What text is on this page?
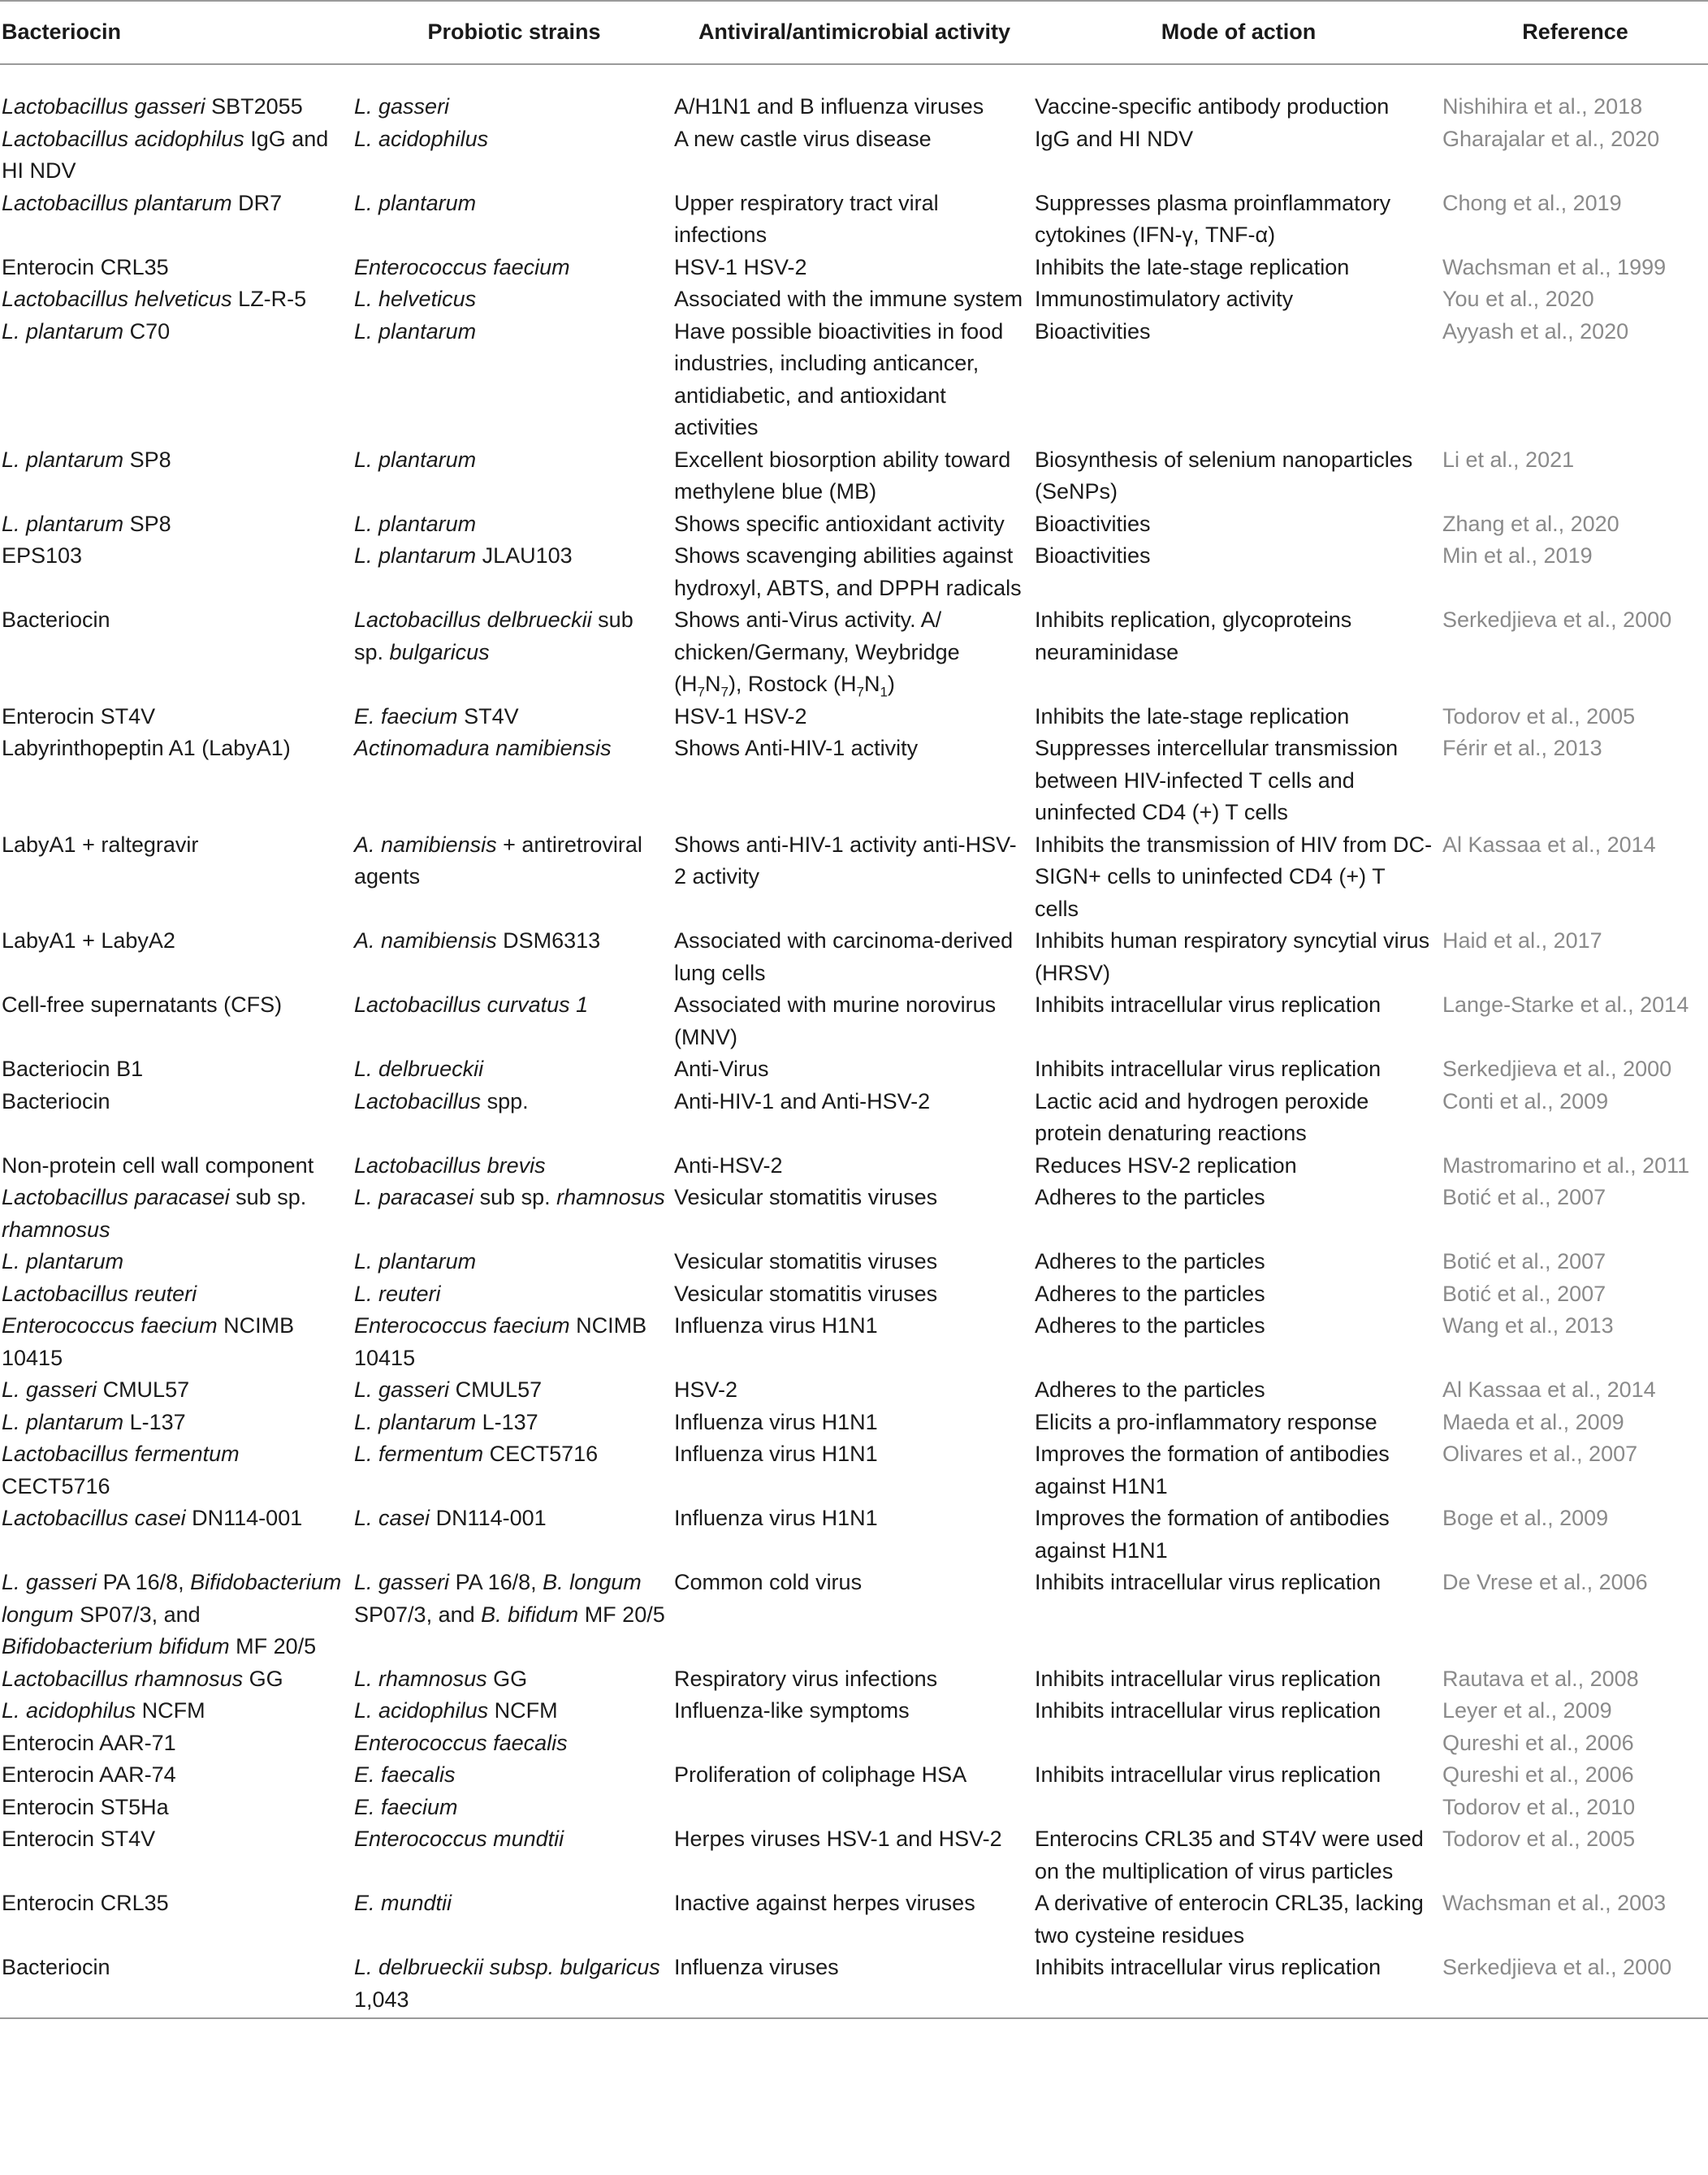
Bacteriocin	Probiotic strains	Antiviral/antimicrobial activity	Mode of action	Reference
Lactobacillus gasseri SBT2055	L. gasseri	A/H1N1 and B influenza viruses	Vaccine-specific antibody production	Nishihira et al., 2018
Lactobacillus acidophilus IgG and HI NDV	L. acidophilus	A new castle virus disease	IgG and HI NDV	Gharajalar et al., 2020
Lactobacillus plantarum DR7	L. plantarum	Upper respiratory tract viral infections	Suppresses plasma proinflammatory cytokines (IFN-γ, TNF-α)	Chong et al., 2019
Enterocin CRL35	Enterococcus faecium	HSV-1 HSV-2	Inhibits the late-stage replication	Wachsman et al., 1999
Lactobacillus helveticus LZ-R-5	L. helveticus	Associated with the immune system	Immunostimulatory activity	You et al., 2020
L. plantarum C70	L. plantarum	Have possible bioactivities in food industries, including anticancer, antidiabetic, and antioxidant activities	Bioactivities	Ayyash et al., 2020
L. plantarum SP8	L. plantarum	Excellent biosorption ability toward methylene blue (MB)	Biosynthesis of selenium nanoparticles (SeNPs)	Li et al., 2021
L. plantarum SP8	L. plantarum	Shows specific antioxidant activity	Bioactivities	Zhang et al., 2020
EPS103	L. plantarum JLAU103	Shows scavenging abilities against hydroxyl, ABTS, and DPPH radicals	Bioactivities	Min et al., 2019
Bacteriocin	Lactobacillus delbrueckii sub sp. bulgaricus	Shows anti-Virus activity. A/ chicken/Germany, Weybridge $(H_7N_7)$, Rostock $(H_7N_1)$	Inhibits replication, glycoproteins neuraminidase	Serkedjieva et al., 2000
Enterocin ST4V	E. faecium ST4V	HSV-1 HSV-2	Inhibits the late-stage replication	Todorov et al., 2005
Labyrinthopeptin A1 (LabyA1)	Actinomadura namibiensis	Shows Anti-HIV-1 activity	Suppresses intercellular transmission between HIV-infected T cells and uninfected CD4 (+) T cells	Férir et al., 2013
LabyA1 + raltegravir	A. namibiensis + antiretroviral agents	Shows anti-HIV-1 activity anti-HSV-2 activity	Inhibits the transmission of HIV from DC-SIGN+ cells to uninfected CD4 (+) T cells	Al Kassaa et al., 2014
LabyA1 + LabyA2	A. namibiensis DSM6313	Associated with carcinoma-derived lung cells	Inhibits human respiratory syncytial virus (HRSV)	Haid et al., 2017
Cell-free supernatants (CFS)	Lactobacillus curvatus 1	Associated with murine norovirus (MNV)	Inhibits intracellular virus replication	Lange-Starke et al., 2014
Bacteriocin B1	L. delbrueckii	Anti-Virus	Inhibits intracellular virus replication	Serkedjieva et al., 2000
Bacteriocin	Lactobacillus spp.	Anti-HIV-1 and Anti-HSV-2	Lactic acid and hydrogen peroxide protein denaturing reactions	Conti et al., 2009
Non-protein cell wall component	Lactobacillus brevis	Anti-HSV-2	Reduces HSV-2 replication	Mastromarino et al., 2011
Lactobacillus paracasei sub sp. rhamnosus	L. paracasei sub sp. rhamnosus	Vesicular stomatitis viruses	Adheres to the particles	Botić et al., 2007
L. plantarum	L. plantarum	Vesicular stomatitis viruses	Adheres to the particles	Botić et al., 2007
Lactobacillus reuteri	L. reuteri	Vesicular stomatitis viruses	Adheres to the particles	Botić et al., 2007
Enterococcus faecium NCIMB 10415	Enterococcus faecium NCIMB 10415	Influenza virus H1N1	Adheres to the particles	Wang et al., 2013
L. gasseri CMUL57	L. gasseri CMUL57	HSV-2	Adheres to the particles	Al Kassaa et al., 2014
L. plantarum L-137	L. plantarum L-137	Influenza virus H1N1	Elicits a pro-inflammatory response	Maeda et al., 2009
Lactobacillus fermentum CECT5716	L. fermentum CECT5716	Influenza virus H1N1	Improves the formation of antibodies against H1N1	Olivares et al., 2007
Lactobacillus casei DN114-001	L. casei DN114-001	Influenza virus H1N1	Improves the formation of antibodies against H1N1	Boge et al., 2009
L. gasseri PA 16/8, Bifidobacterium longum SP07/3, and Bifidobacterium bifidum MF 20/5	L. gasseri PA 16/8, B. longum SP07/3, and B. bifidum MF 20/5	Common cold virus	Inhibits intracellular virus replication	De Vrese et al., 2006
Lactobacillus rhamnosus GG	L. rhamnosus GG	Respiratory virus infections	Inhibits intracellular virus replication	Rautava et al., 2008
L. acidophilus NCFM	L. acidophilus NCFM	Influenza-like symptoms	Inhibits intracellular virus replication	Leyer et al., 2009
Enterocin AAR-71	Enterococcus faecalis			Qureshi et al., 2006
Enterocin AAR-74	E. faecalis	Proliferation of coliphage HSA	Inhibits intracellular virus replication	Qureshi et al., 2006
Enterocin ST5Ha	E. faecium			Todorov et al., 2010
Enterocin ST4V	Enterococcus mundtii	Herpes viruses HSV-1 and HSV-2	Enterocins CRL35 and ST4V were used on the multiplication of virus particles	Todorov et al., 2005
Enterocin CRL35	E. mundtii	Inactive against herpes viruses	A derivative of enterocin CRL35, lacking two cysteine residues	Wachsman et al., 2003
Bacteriocin	L. delbrueckii subsp. bulgaricus 1,043	Influenza viruses	Inhibits intracellular virus replication	Serkedjieva et al., 2000
